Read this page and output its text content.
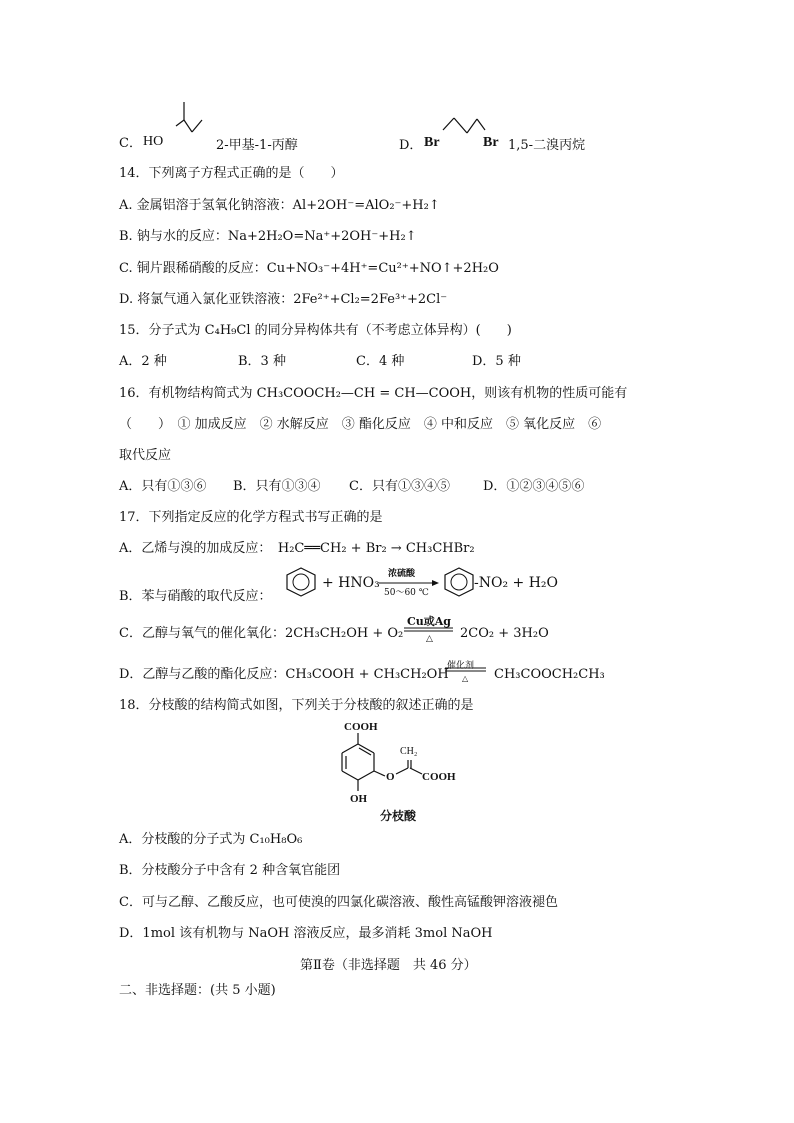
C． HO	2-甲基-1-丙醇	D． Br	Br 1,5-二溴丙烷
14．下列离子方程式正确的是（　　）
A. 金属铝溶于氢氧化钠溶液：Al+2OH⁻=AlO₂⁻+H₂↑
B. 钠与水的反应：Na+2H₂O=Na⁺+2OH⁻+H₂↑
C. 铜片跟稀硝酸的反应：Cu+NO₃⁻+4H⁺=Cu²⁺+NO↑+2H₂O
D. 将氯气通入氯化亚铁溶液：2Fe²⁺+Cl₂=2Fe³⁺+2Cl⁻
15．分子式为 C₄H₉Cl 的同分异构体共有（不考虑立体异构）(　　)
A．2 种	B．3 种	C．4 种	D．5 种
16．有机物结构简式为 CH₃COOCH₂—CH = CH—COOH，则该有机物的性质可能有
（　　）　① 加成反应　② 水解反应　③ 酯化反应　④ 中和反应　⑤ 氧化反应　⑥
取代反应
A．只有①③⑥ B．只有①③④ C．只有①③④⑤	D．①②③④⑤⑥
17．下列指定反应的化学方程式书写正确的是
A．乙烯与溴的加成反应：　H₂C══CH₂ + Br₂ → CH₃CHBr₂
B．苯与硝酸的取代反应：
+ HNO₃
浓硫酸
50～60 ℃
-NO₂ + H₂O
C．乙醇与氧气的催化氧化：2CH₃CH₂OH + O₂
Cu或Ag
△ 2CO₂ + 3H₂O
D．乙醇与乙酸的酯化反应：CH₃COOH + CH₃CH₂OH
催化剂
△ CH₃COOCH₂CH₃
18．分枝酸的结构简式如图，下列关于分枝酸的叙述正确的是
COOH
OH
O
CH₂
COOH
分枝酸
A．分枝酸的分子式为 C₁₀H₈O₆
B．分枝酸分子中含有 2 种含氧官能团
C．可与乙醇、乙酸反应，也可使溴的四氯化碳溶液、酸性高锰酸钾溶液褪色
D．1mol 该有机物与 NaOH 溶液反应，最多消耗 3mol NaOH
第Ⅱ卷（非选择题　共 46 分）
二、非选择题：(共 5 小题)
